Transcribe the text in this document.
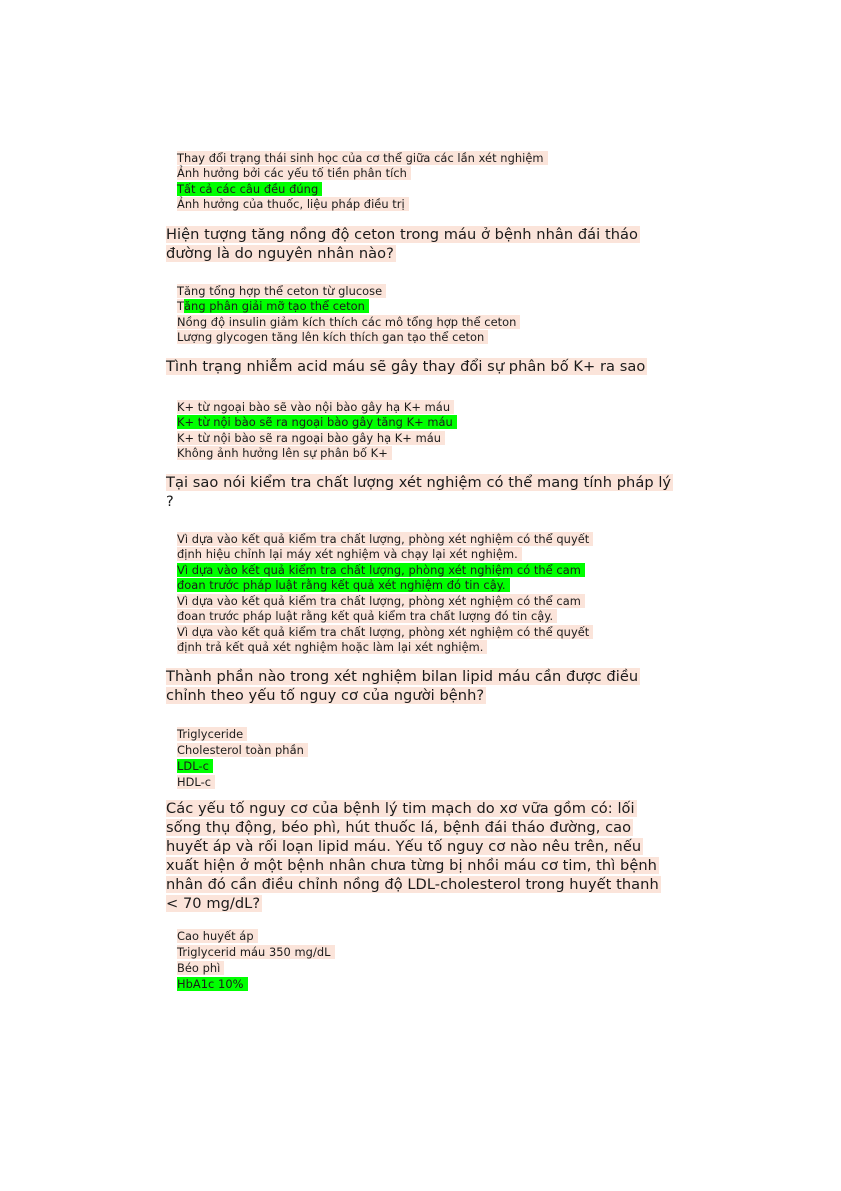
Thay đổi trạng thái sinh học của cơ thể giữa các lần xét nghiệm
Ảnh hưởng bởi các yếu tố tiền phân tích
Tất cả các câu đều đúng
Ảnh hưởng của thuốc, liệu pháp điều trị
Hiện tượng tăng nồng độ ceton trong máu ở bệnh nhân đái tháo
đường là do nguyên nhân nào?
Tăng tổng hợp thể ceton từ glucose
Tăng phân giải mỡ tạo thể ceton
Nồng độ insulin giảm kích thích các mô tổng hợp thể ceton
Lượng glycogen tăng lên kích thích gan tạo thể ceton
Tình trạng nhiễm acid máu sẽ gây thay đổi sự phân bố K+ ra sao
K+ từ ngoại bào sẽ vào nội bào gây hạ K+ máu
K+ từ nội bào sẽ ra ngoại bào gây tăng K+ máu
K+ từ nội bào sẽ ra ngoại bào gây hạ K+ máu
Không ảnh hưởng lên sự phân bố K+
Tại sao nói kiểm tra chất lượng xét nghiệm có thể mang tính pháp lý
?
Vì dựa vào kết quả kiểm tra chất lượng, phòng xét nghiệm có thể quyết
định hiệu chỉnh lại máy xét nghiệm và chạy lại xét nghiệm.
Vì dựa vào kết quả kiểm tra chất lượng, phòng xét nghiệm có thể cam
đoan trước pháp luật rằng kết quả xét nghiệm đó tin cậy.
Vì dựa vào kết quả kiểm tra chất lượng, phòng xét nghiệm có thể cam
đoan trước pháp luật rằng kết quả kiểm tra chất lượng đó tin cậy.
Vì dựa vào kết quả kiểm tra chất lượng, phòng xét nghiệm có thể quyết
định trả kết quả xét nghiệm hoặc làm lại xét nghiệm.
Thành phần nào trong xét nghiệm bilan lipid máu cần được điều
chỉnh theo yếu tố nguy cơ của người bệnh?
Triglyceride
Cholesterol toàn phần
LDL-c
HDL-c
Các yếu tố nguy cơ của bệnh lý tim mạch do xơ vữa gồm có: lối
sống thụ động, béo phì, hút thuốc lá, bệnh đái tháo đường, cao
huyết áp và rối loạn lipid máu. Yếu tố nguy cơ nào nêu trên, nếu
xuất hiện ở một bệnh nhân chưa từng bị nhồi máu cơ tim, thì bệnh
nhân đó cần điều chỉnh nồng độ LDL-cholesterol trong huyết thanh
< 70 mg/dL?
Cao huyết áp
Triglycerid máu 350 mg/dL
Béo phì
HbA1c 10%
